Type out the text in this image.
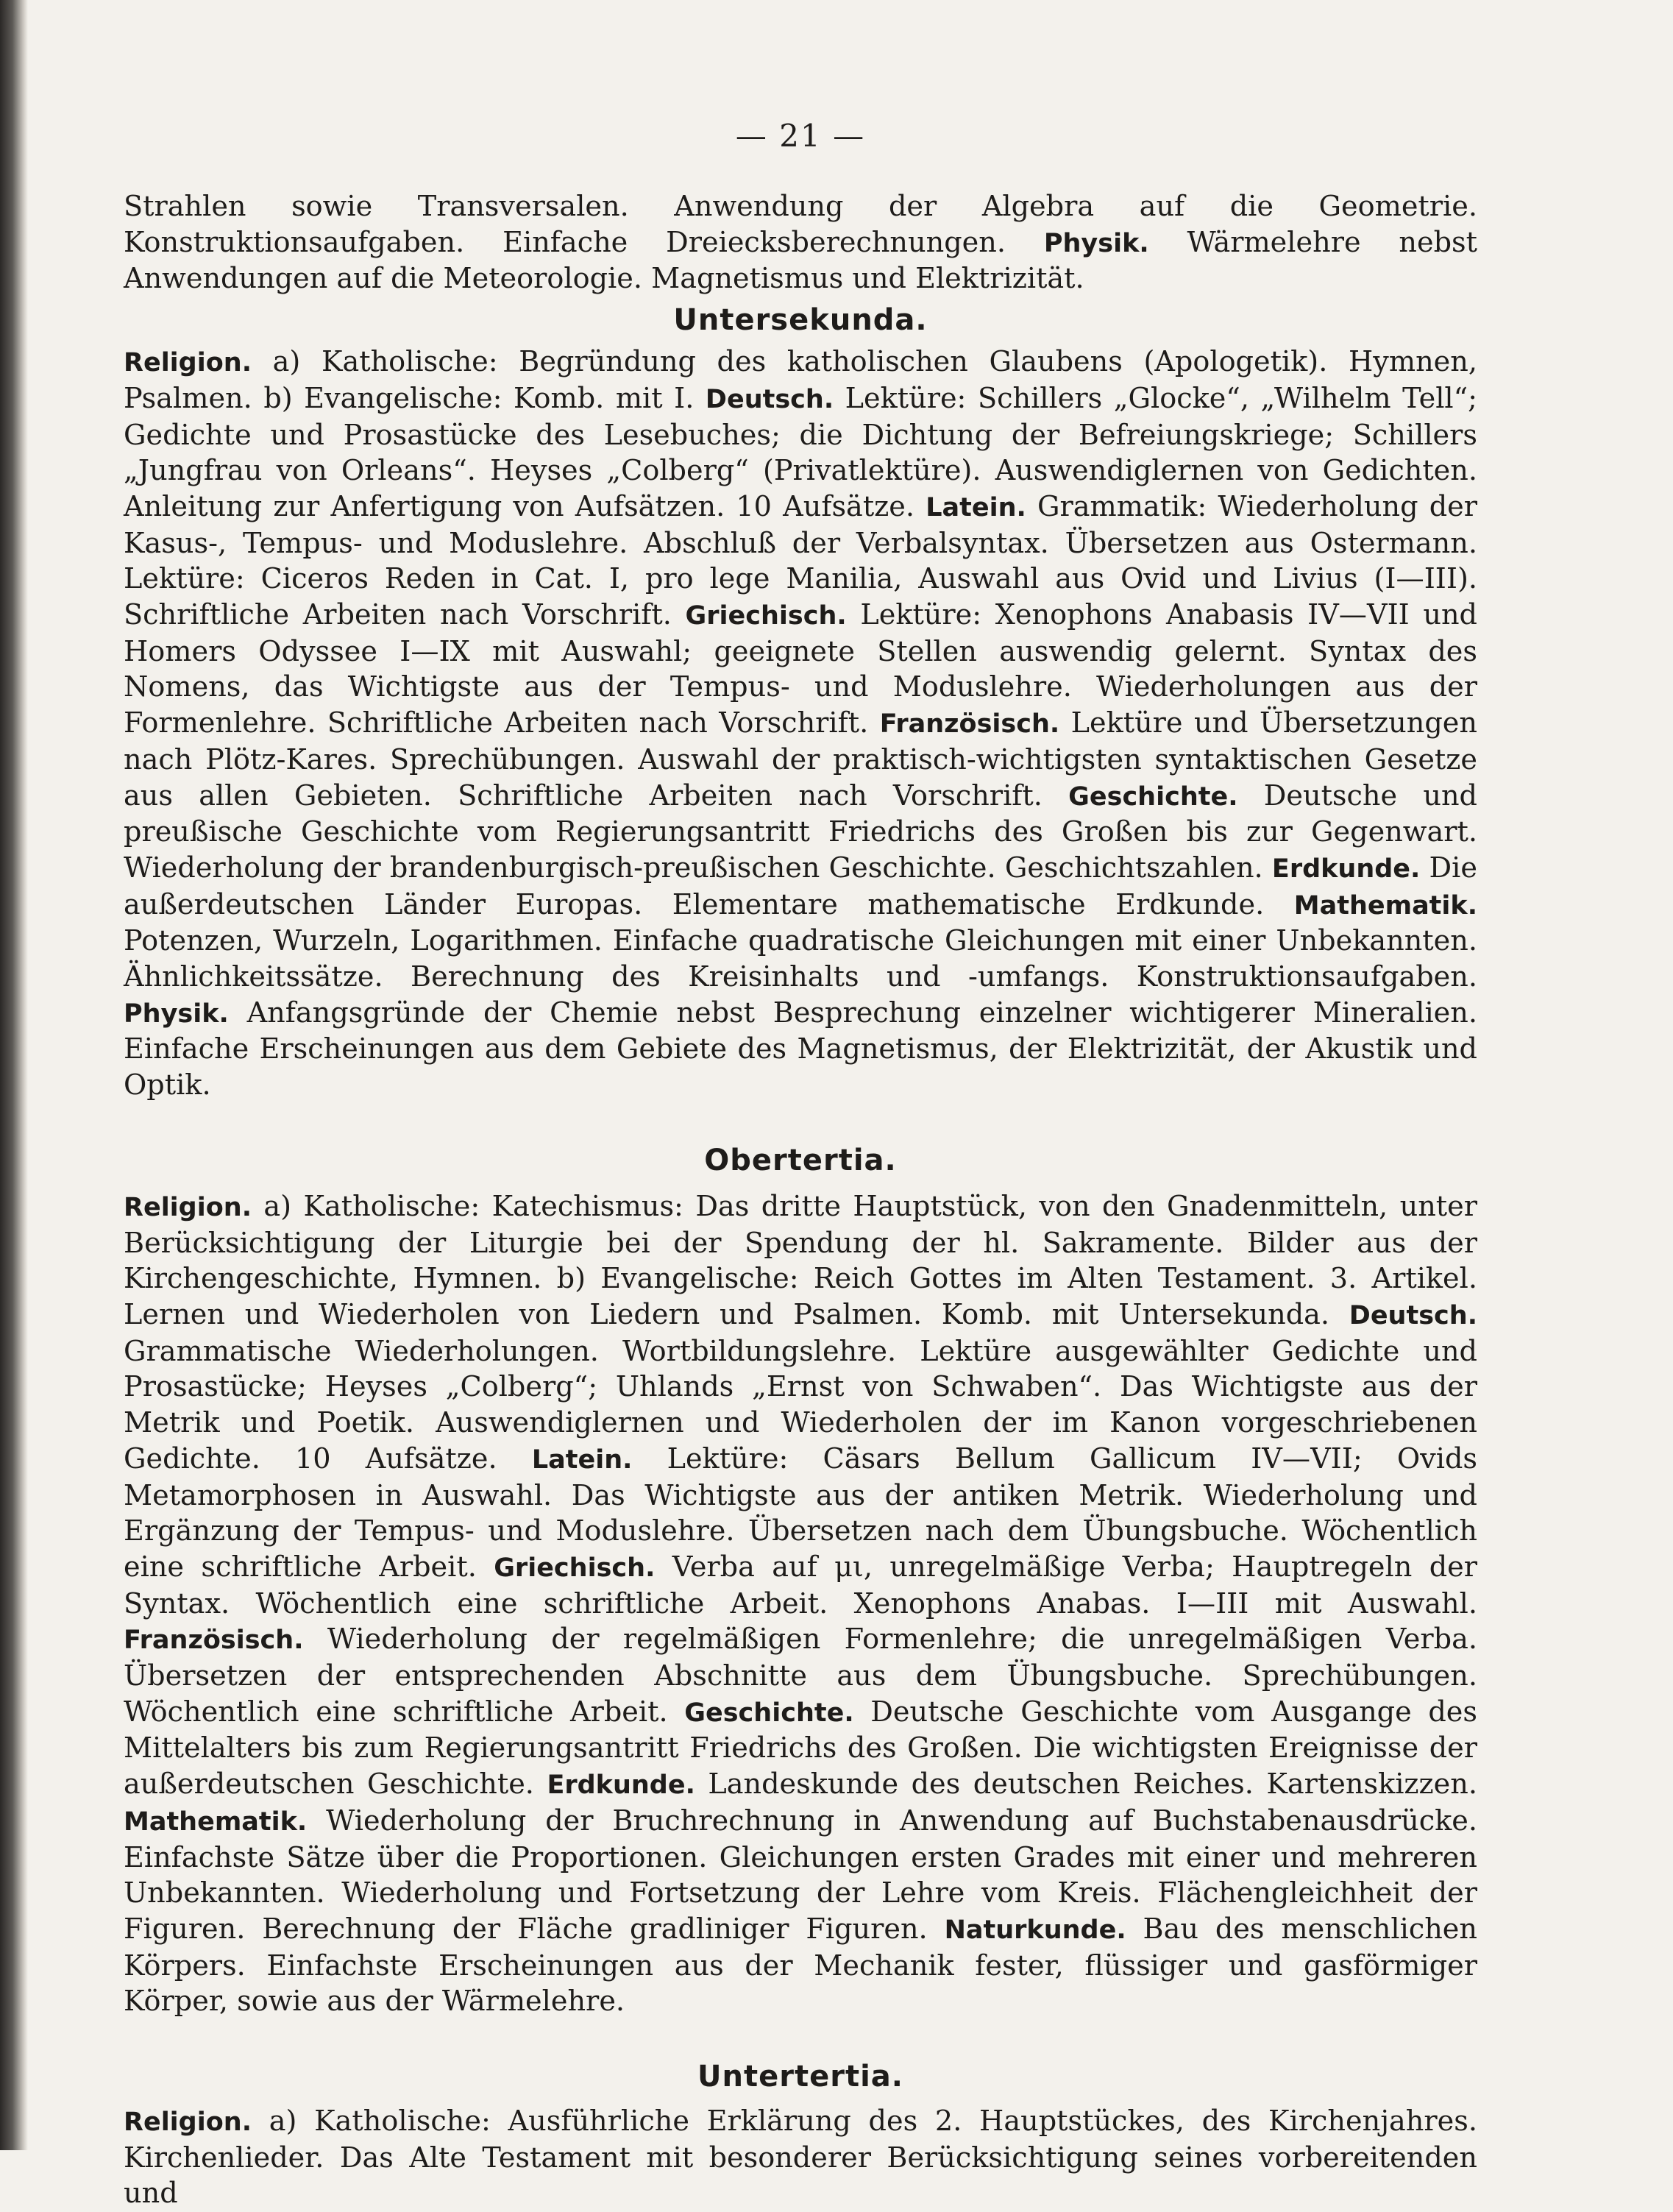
— 21 —

Strahlen sowie Transversalen. Anwendung der Algebra auf die Geometrie. Konstruktionsaufgaben. Einfache Dreiecksberechnungen. Physik. Wärmelehre nebst Anwendungen auf die Meteorologie. Magnetismus und Elektrizität.

Untersekunda.

Religion. a) Katholische: Begründung des katholischen Glaubens (Apologetik). Hymnen, Psalmen. b) Evangelische: Komb. mit I. Deutsch. Lektüre: Schillers „Glocke“, „Wilhelm Tell“; Gedichte und Prosastücke des Lesebuches; die Dichtung der Befreiungskriege; Schillers „Jungfrau von Orleans“. Heyses „Colberg“ (Privatlektüre). Auswendiglernen von Gedichten. Anleitung zur Anfertigung von Aufsätzen. 10 Aufsätze. Latein. Grammatik: Wiederholung der Kasus-, Tempus- und Moduslehre. Abschluß der Verbalsyntax. Übersetzen aus Ostermann. Lektüre: Ciceros Reden in Cat. I, pro lege Manilia, Auswahl aus Ovid und Livius (I—III). Schriftliche Arbeiten nach Vorschrift. Griechisch. Lektüre: Xenophons Anabasis IV—VII und Homers Odyssee I—IX mit Auswahl; geeignete Stellen auswendig gelernt. Syntax des Nomens, das Wichtigste aus der Tempus- und Moduslehre. Wiederholungen aus der Formenlehre. Schriftliche Arbeiten nach Vorschrift. Französisch. Lektüre und Übersetzungen nach Plötz-Kares. Sprechübungen. Auswahl der praktisch-wichtigsten syntaktischen Gesetze aus allen Gebieten. Schriftliche Arbeiten nach Vorschrift. Geschichte. Deutsche und preußische Geschichte vom Regierungsantritt Friedrichs des Großen bis zur Gegenwart. Wiederholung der brandenburgisch-preußischen Geschichte. Geschichtszahlen. Erdkunde. Die außerdeutschen Länder Europas. Elementare mathematische Erdkunde. Mathematik. Potenzen, Wurzeln, Logarithmen. Einfache quadratische Gleichungen mit einer Unbekannten. Ähnlichkeitssätze. Berechnung des Kreisinhalts und -umfangs. Konstruktionsaufgaben. Physik. Anfangsgründe der Chemie nebst Besprechung einzelner wichtigerer Mineralien. Einfache Erscheinungen aus dem Gebiete des Magnetismus, der Elektrizität, der Akustik und Optik.

Obertertia.

Religion. a) Katholische: Katechismus: Das dritte Hauptstück, von den Gnadenmitteln, unter Berücksichtigung der Liturgie bei der Spendung der hl. Sakramente. Bilder aus der Kirchengeschichte, Hymnen. b) Evangelische: Reich Gottes im Alten Testament. 3. Artikel. Lernen und Wiederholen von Liedern und Psalmen. Komb. mit Untersekunda. Deutsch. Grammatische Wiederholungen. Wortbildungslehre. Lektüre ausgewählter Gedichte und Prosastücke; Heyses „Colberg“; Uhlands „Ernst von Schwaben“. Das Wichtigste aus der Metrik und Poetik. Auswendiglernen und Wiederholen der im Kanon vorgeschriebenen Gedichte. 10 Aufsätze. Latein. Lektüre: Cäsars Bellum Gallicum IV—VII; Ovids Metamorphosen in Auswahl. Das Wichtigste aus der antiken Metrik. Wiederholung und Ergänzung der Tempus- und Moduslehre. Übersetzen nach dem Übungsbuche. Wöchentlich eine schriftliche Arbeit. Griechisch. Verba auf μι, unregelmäßige Verba; Hauptregeln der Syntax. Wöchentlich eine schriftliche Arbeit. Xenophons Anabas. I—III mit Auswahl. Französisch. Wiederholung der regelmäßigen Formenlehre; die unregelmäßigen Verba. Übersetzen der entsprechenden Abschnitte aus dem Übungsbuche. Sprechübungen. Wöchentlich eine schriftliche Arbeit. Geschichte. Deutsche Geschichte vom Ausgange des Mittelalters bis zum Regierungsantritt Friedrichs des Großen. Die wichtigsten Ereignisse der außerdeutschen Geschichte. Erdkunde. Landeskunde des deutschen Reiches. Kartenskizzen. Mathematik. Wiederholung der Bruchrechnung in Anwendung auf Buchstabenausdrücke. Einfachste Sätze über die Proportionen. Gleichungen ersten Grades mit einer und mehreren Unbekannten. Wiederholung und Fortsetzung der Lehre vom Kreis. Flächengleichheit der Figuren. Berechnung der Fläche gradliniger Figuren. Naturkunde. Bau des menschlichen Körpers. Einfachste Erscheinungen aus der Mechanik fester, flüssiger und gasförmiger Körper, sowie aus der Wärmelehre.

Untertertia.

Religion. a) Katholische: Ausführliche Erklärung des 2. Hauptstückes, des Kirchenjahres. Kirchenlieder. Das Alte Testament mit besonderer Berücksichtigung seines vorbereitenden und
